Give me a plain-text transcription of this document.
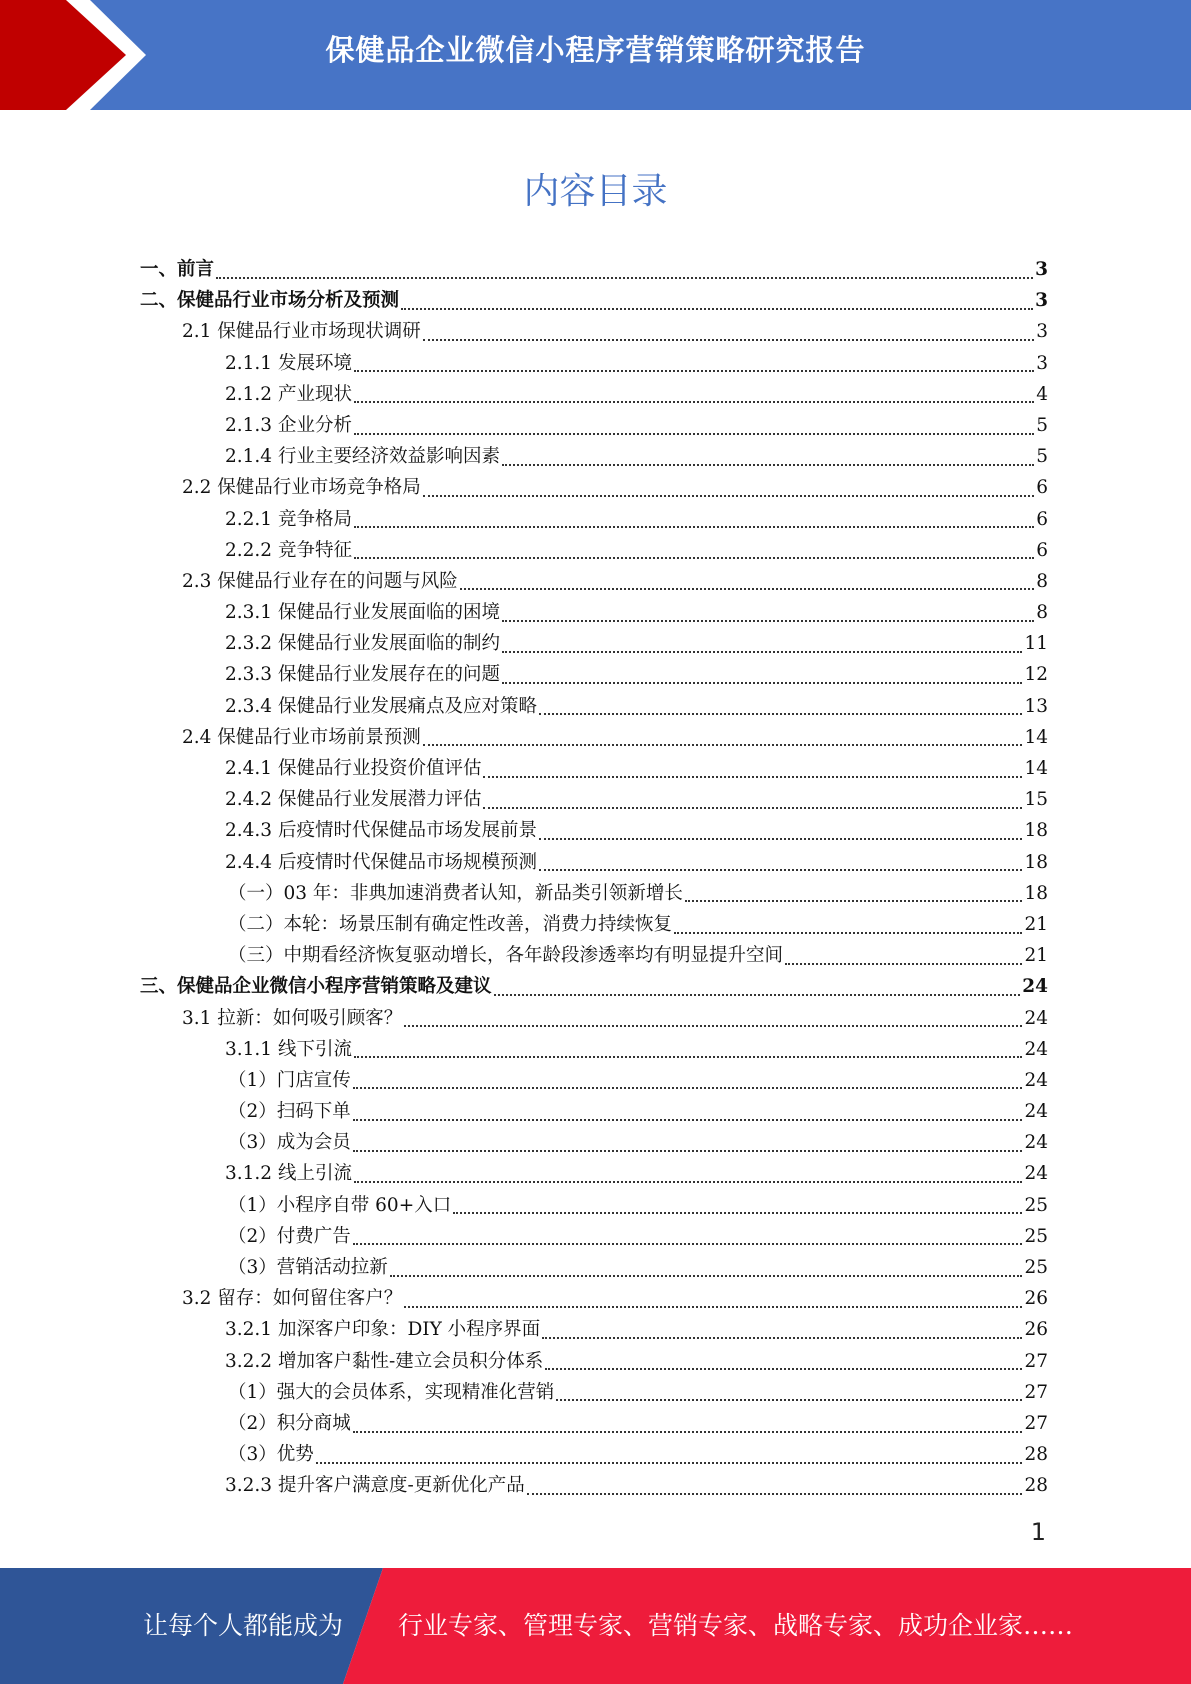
保健品企业微信小程序营销策略研究报告
内容目录
一、前言	3
二、保健品行业市场分析及预测	3
2.1 保健品行业市场现状调研	3
2.1.1 发展环境	3
2.1.2 产业现状	4
2.1.3 企业分析	5
2.1.4 行业主要经济效益影响因素	5
2.2 保健品行业市场竞争格局	6
2.2.1 竞争格局	6
2.2.2 竞争特征	6
2.3 保健品行业存在的问题与风险	8
2.3.1 保健品行业发展面临的困境	8
2.3.2 保健品行业发展面临的制约	11
2.3.3 保健品行业发展存在的问题	12
2.3.4 保健品行业发展痛点及应对策略	13
2.4 保健品行业市场前景预测	14
2.4.1 保健品行业投资价值评估	14
2.4.2 保健品行业发展潜力评估	15
2.4.3 后疫情时代保健品市场发展前景	18
2.4.4 后疫情时代保健品市场规模预测	18
（一）03 年：非典加速消费者认知，新品类引领新增长	18
（二）本轮：场景压制有确定性改善，消费力持续恢复	21
（三）中期看经济恢复驱动增长，各年龄段渗透率均有明显提升空间	21
三、保健品企业微信小程序营销策略及建议	24
3.1 拉新：如何吸引顾客？	24
3.1.1 线下引流	24
（1）门店宣传	24
（2）扫码下单	24
（3）成为会员	24
3.1.2 线上引流	24
（1）小程序自带 60+入口	25
（2）付费广告	25
（3）营销活动拉新	25
3.2 留存：如何留住客户？	26
3.2.1 加深客户印象：DIY 小程序界面	26
3.2.2 增加客户黏性-建立会员积分体系	27
（1）强大的会员体系，实现精准化营销	27
（2）积分商城	27
（3）优势	28
3.2.3 提升客户满意度-更新优化产品	28
1
让每个人都能成为 行业专家、管理专家、营销专家、战略专家、成功企业家……
